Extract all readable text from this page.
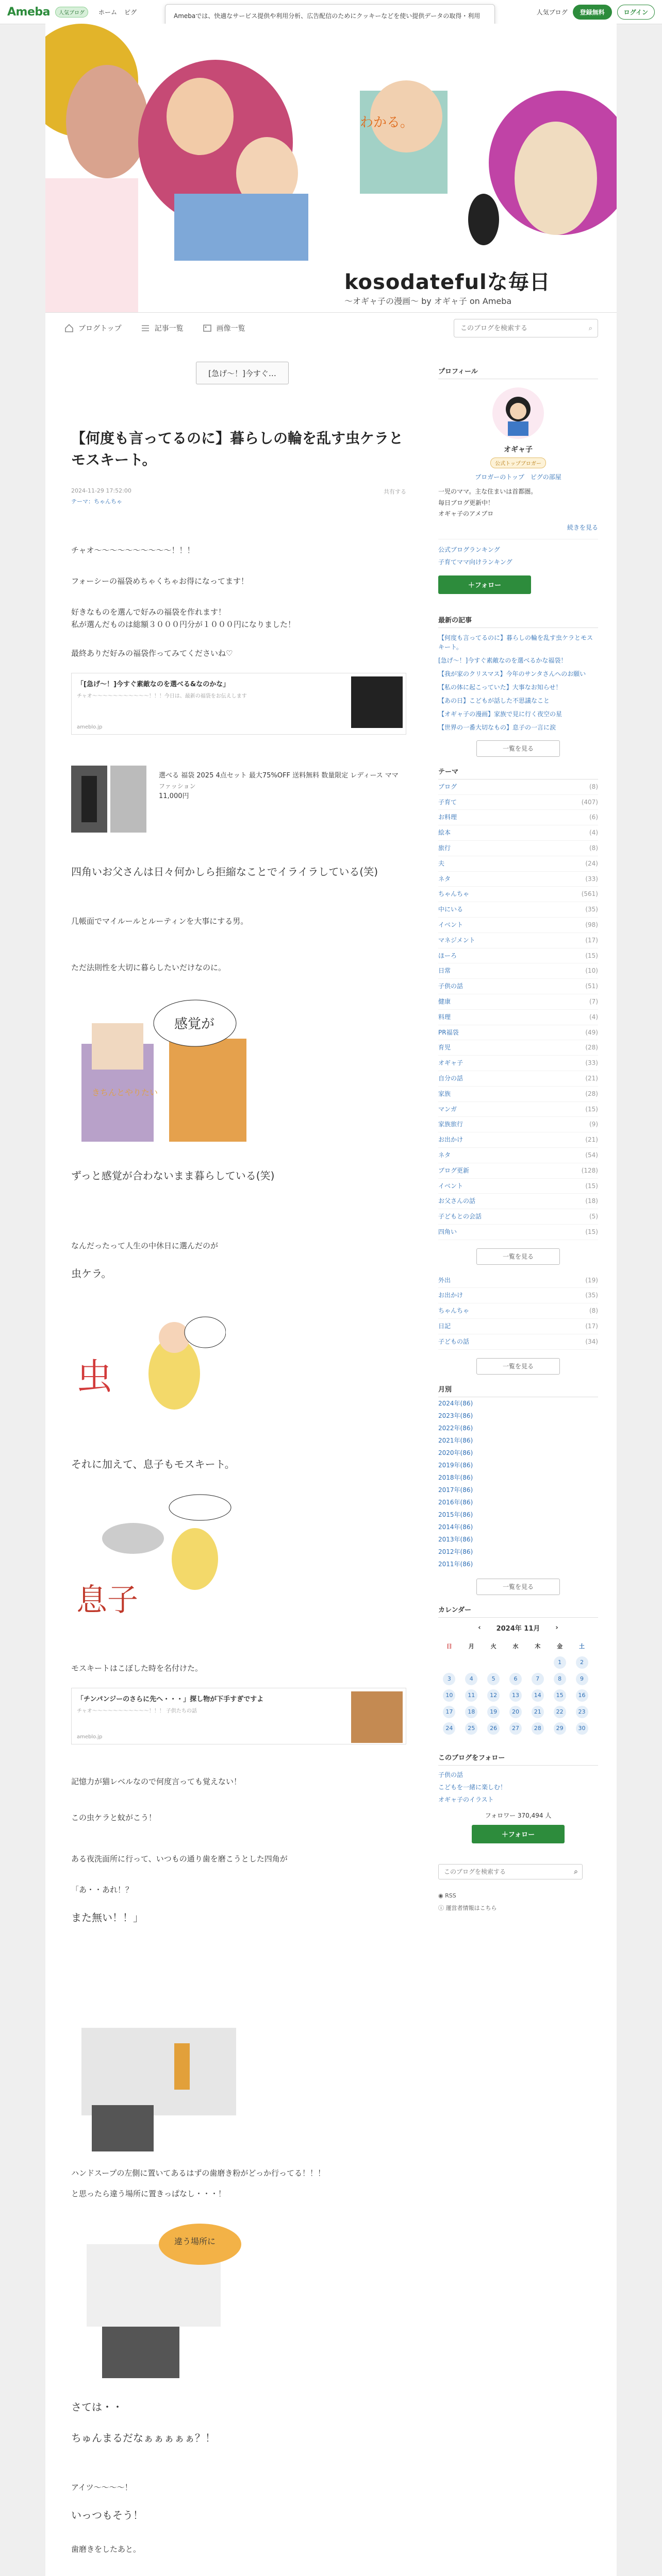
Ameba	人気ブログ	ホーム ピグ	人気ブログ	登録無料	ログイン
Amebaでは、快適なサービス提供や利用分析、広告配信のためにクッキーなどを使い提供データの取得・利用
わかる。
kosodatefulな毎日
〜オギャ子の漫画〜 by オギャ子 on Ameba
ブログトップ	記事一覧	画像一覧
このブログを検索する	⌕
[急げ〜！]今すぐ…
【何度も言ってるのに】暮らしの輪を乱す虫ケラとモスキート。
2024-11-29 17:52:00	共有する
テーマ：ちゃんちゃ
チャオ〜〜〜〜〜〜〜〜〜〜！！！
フォーシーの福袋めちゃくちゃお得になってます！
好きなものを選んで好みの福袋を作れます！
私が選んだものは総額３０００円分が１０００円になりました！
最終ありだ好みの福袋作ってみてくださいね♡
「[急げ〜！]今すぐ素敵なのを選べる&なのかな」
チャオ〜〜〜〜〜〜〜〜〜〜〜！！！今日は、最新の福袋をお伝えします
ameblo.jp
選べる 福袋 2025 4点セット 最大75%OFF 送料無料 数量限定 レディース ママ
ファッション
11,000円
四角いお父さんは日々何かしら拒縮なことでイライラしている(笑)
几帳面でマイルールとルーティンを大事にする男。
ただ法則性を大切に暮らしたいだけなのに。
感覚が
きちんとやりたい
ずっと感覚が合わないまま暮らしている(笑)
なんだったって人生の中休日に選んだのが
虫ケラ。
虫
それに加えて、息子もモスキート。
息子
モスキートはこぼした時を名付けた。
「チンパンジーのさらに先へ・・・」探し物が下手すぎですよ
チャオ〜〜〜〜〜〜〜〜〜〜〜！！！ 子供たちの話
ameblo.jp
記憶力が猫レベルなので何度言っても覚えない！
この虫ケラと蚊がこう！
ある夜洗面所に行って、いつもの通り歯を磨こうとした四角が
「あ・・あれ！？
また無い！！」
ハンドスープの左側に置いてあるはずの歯磨き粉がどっか行ってる！！！
と思ったら違う場所に置きっぱなし・・・！
違う場所に
さては・・
ちゅんまるだなぁぁぁぁぁ？！
アイツ〜〜〜〜！
いっつもそう！
歯磨きをしたあと。
プロフィール
オギャ子
公式トップブロガー
ブロガーのトップ ピグの部屋
一児のママ。主な住まいは首都圏。
毎日ブログ更新中！
オギャ子のアメブロ
続きを見る
公式ブログランキング
子育てママ向けランキング
＋ フォロー
最新の記事
【何度も言ってるのに】暮らしの輪を乱す虫ケラとモスキート。
[急げ〜！]今すぐ素敵なのを選べるかな福袋！
【我が家のクリスマス】今年のサンタさんへのお願い
【私の体に起こっていた】大事なお知らせ！
【あの日】こどもが話した不思議なこと
【オギャ子の漫画】家族で見に行く夜空の星
【世界の一番大切なもの】息子の一言に涙
一覧を見る
テーマ
ブログ	(8)
子育て	(407)
お料理	(6)
絵本	(4)
旅行	(8)
夫	(24)
ネタ	(33)
ちゃんちゃ	(561)
中にいる	(35)
イベント	(98)
マネジメント	(17)
ほーろ	(15)
日常	(10)
子供の話	(51)
健康	(7)
料理	(4)
PR福袋	(49)
育児	(28)
オギャ子	(33)
自分の話	(21)
家族	(28)
マンガ	(15)
家族旅行	(9)
お出かけ	(21)
ネタ	(54)
ブログ更新	(128)
イベント	(15)
お父さんの話	(18)
子どもとの会話	(5)
四角い	(15)
一覧を見る
外出	(19)
お出かけ	(35)
ちゃんちゃ	(8)
日記	(17)
子どもの話	(34)
一覧を見る
月別
2024年(86)
2023年(86)
2022年(86)
2021年(86)
2020年(86)
2019年(86)
2018年(86)
2017年(86)
2016年(86)
2015年(86)
2014年(86)
2013年(86)
2012年(86)
2011年(86)
一覧を見る
カレンダー
‹ 2024年 11月 ›
日	月	火	水	木	金	土
					1	2
3	4	5	6	7	8	9
10	11	12	13	14	15	16
17	18	19	20	21	22	23
24	25	26	27	28	29	30
このブログをフォロー
子供の話
こどもを一緒に楽しむ！
オギャ子のイラスト
フォロワー 370,494 人
＋ フォロー
このブログを検索する
⌕
◉ RSS
ⓘ 運営者情報はこちら
